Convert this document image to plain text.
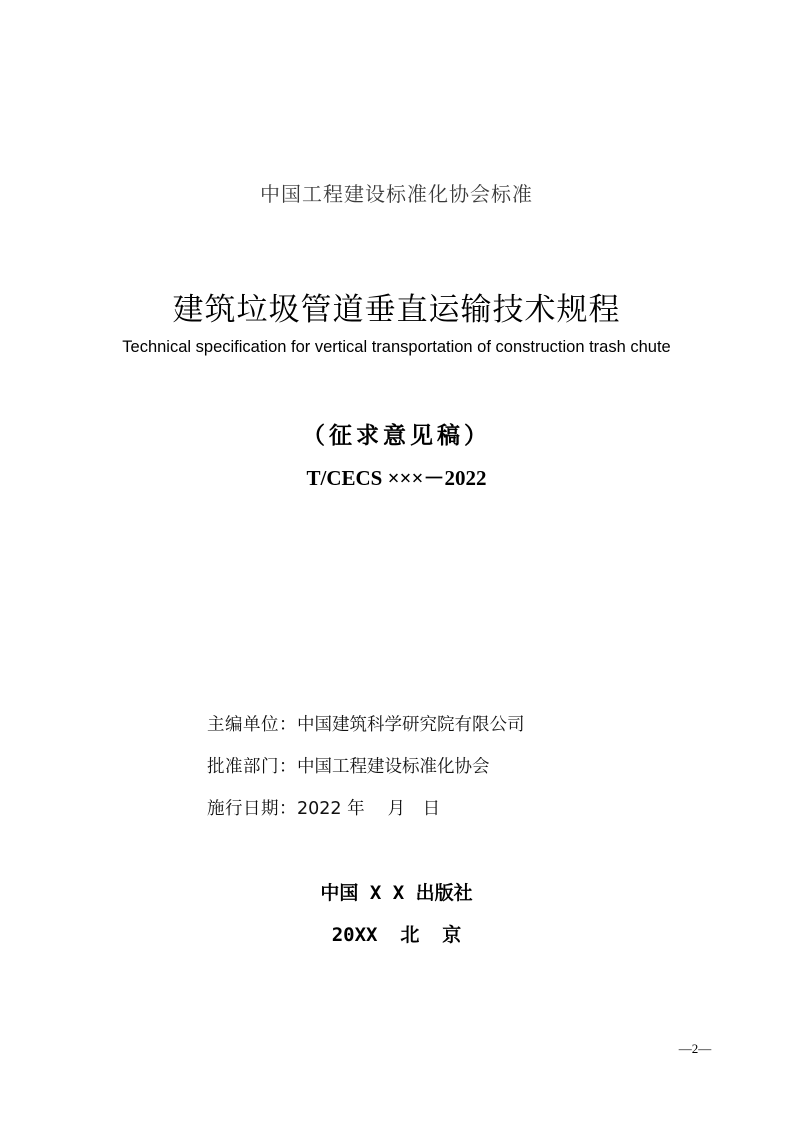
中国工程建设标准化协会标准
建筑垃圾管道垂直运输技术规程
Technical specification for vertical transportation of construction trash chute
（征求意见稿）
T/CECS ×××－2022
主编单位：中国建筑科学研究院有限公司
批准部门：中国工程建设标准化协会
施行日期：2022 年　 月　日
中国 X X 出版社
20XX  北  京
—2—
